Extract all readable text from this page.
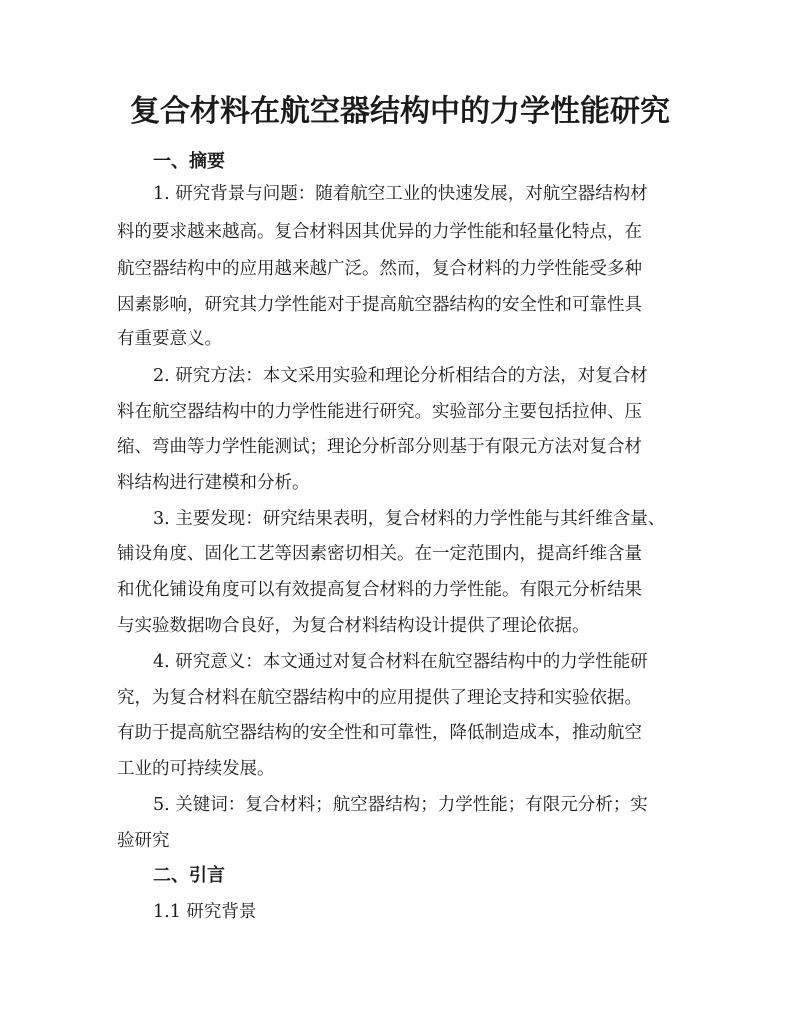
复合材料在航空器结构中的力学性能研究
一、摘要
1. 研究背景与问题：随着航空工业的快速发展，对航空器结构材
料的要求越来越高。复合材料因其优异的力学性能和轻量化特点，在
航空器结构中的应用越来越广泛。然而，复合材料的力学性能受多种
因素影响，研究其力学性能对于提高航空器结构的安全性和可靠性具
有重要意义。
2. 研究方法：本文采用实验和理论分析相结合的方法，对复合材
料在航空器结构中的力学性能进行研究。实验部分主要包括拉伸、压
缩、弯曲等力学性能测试；理论分析部分则基于有限元方法对复合材
料结构进行建模和分析。
3. 主要发现：研究结果表明，复合材料的力学性能与其纤维含量、
铺设角度、固化工艺等因素密切相关。在一定范围内，提高纤维含量
和优化铺设角度可以有效提高复合材料的力学性能。有限元分析结果
与实验数据吻合良好，为复合材料结构设计提供了理论依据。
4. 研究意义：本文通过对复合材料在航空器结构中的力学性能研
究，为复合材料在航空器结构中的应用提供了理论支持和实验依据。
有助于提高航空器结构的安全性和可靠性，降低制造成本，推动航空
工业的可持续发展。
5. 关键词：复合材料；航空器结构；力学性能；有限元分析；实
验研究
二、引言
1.1 研究背景
